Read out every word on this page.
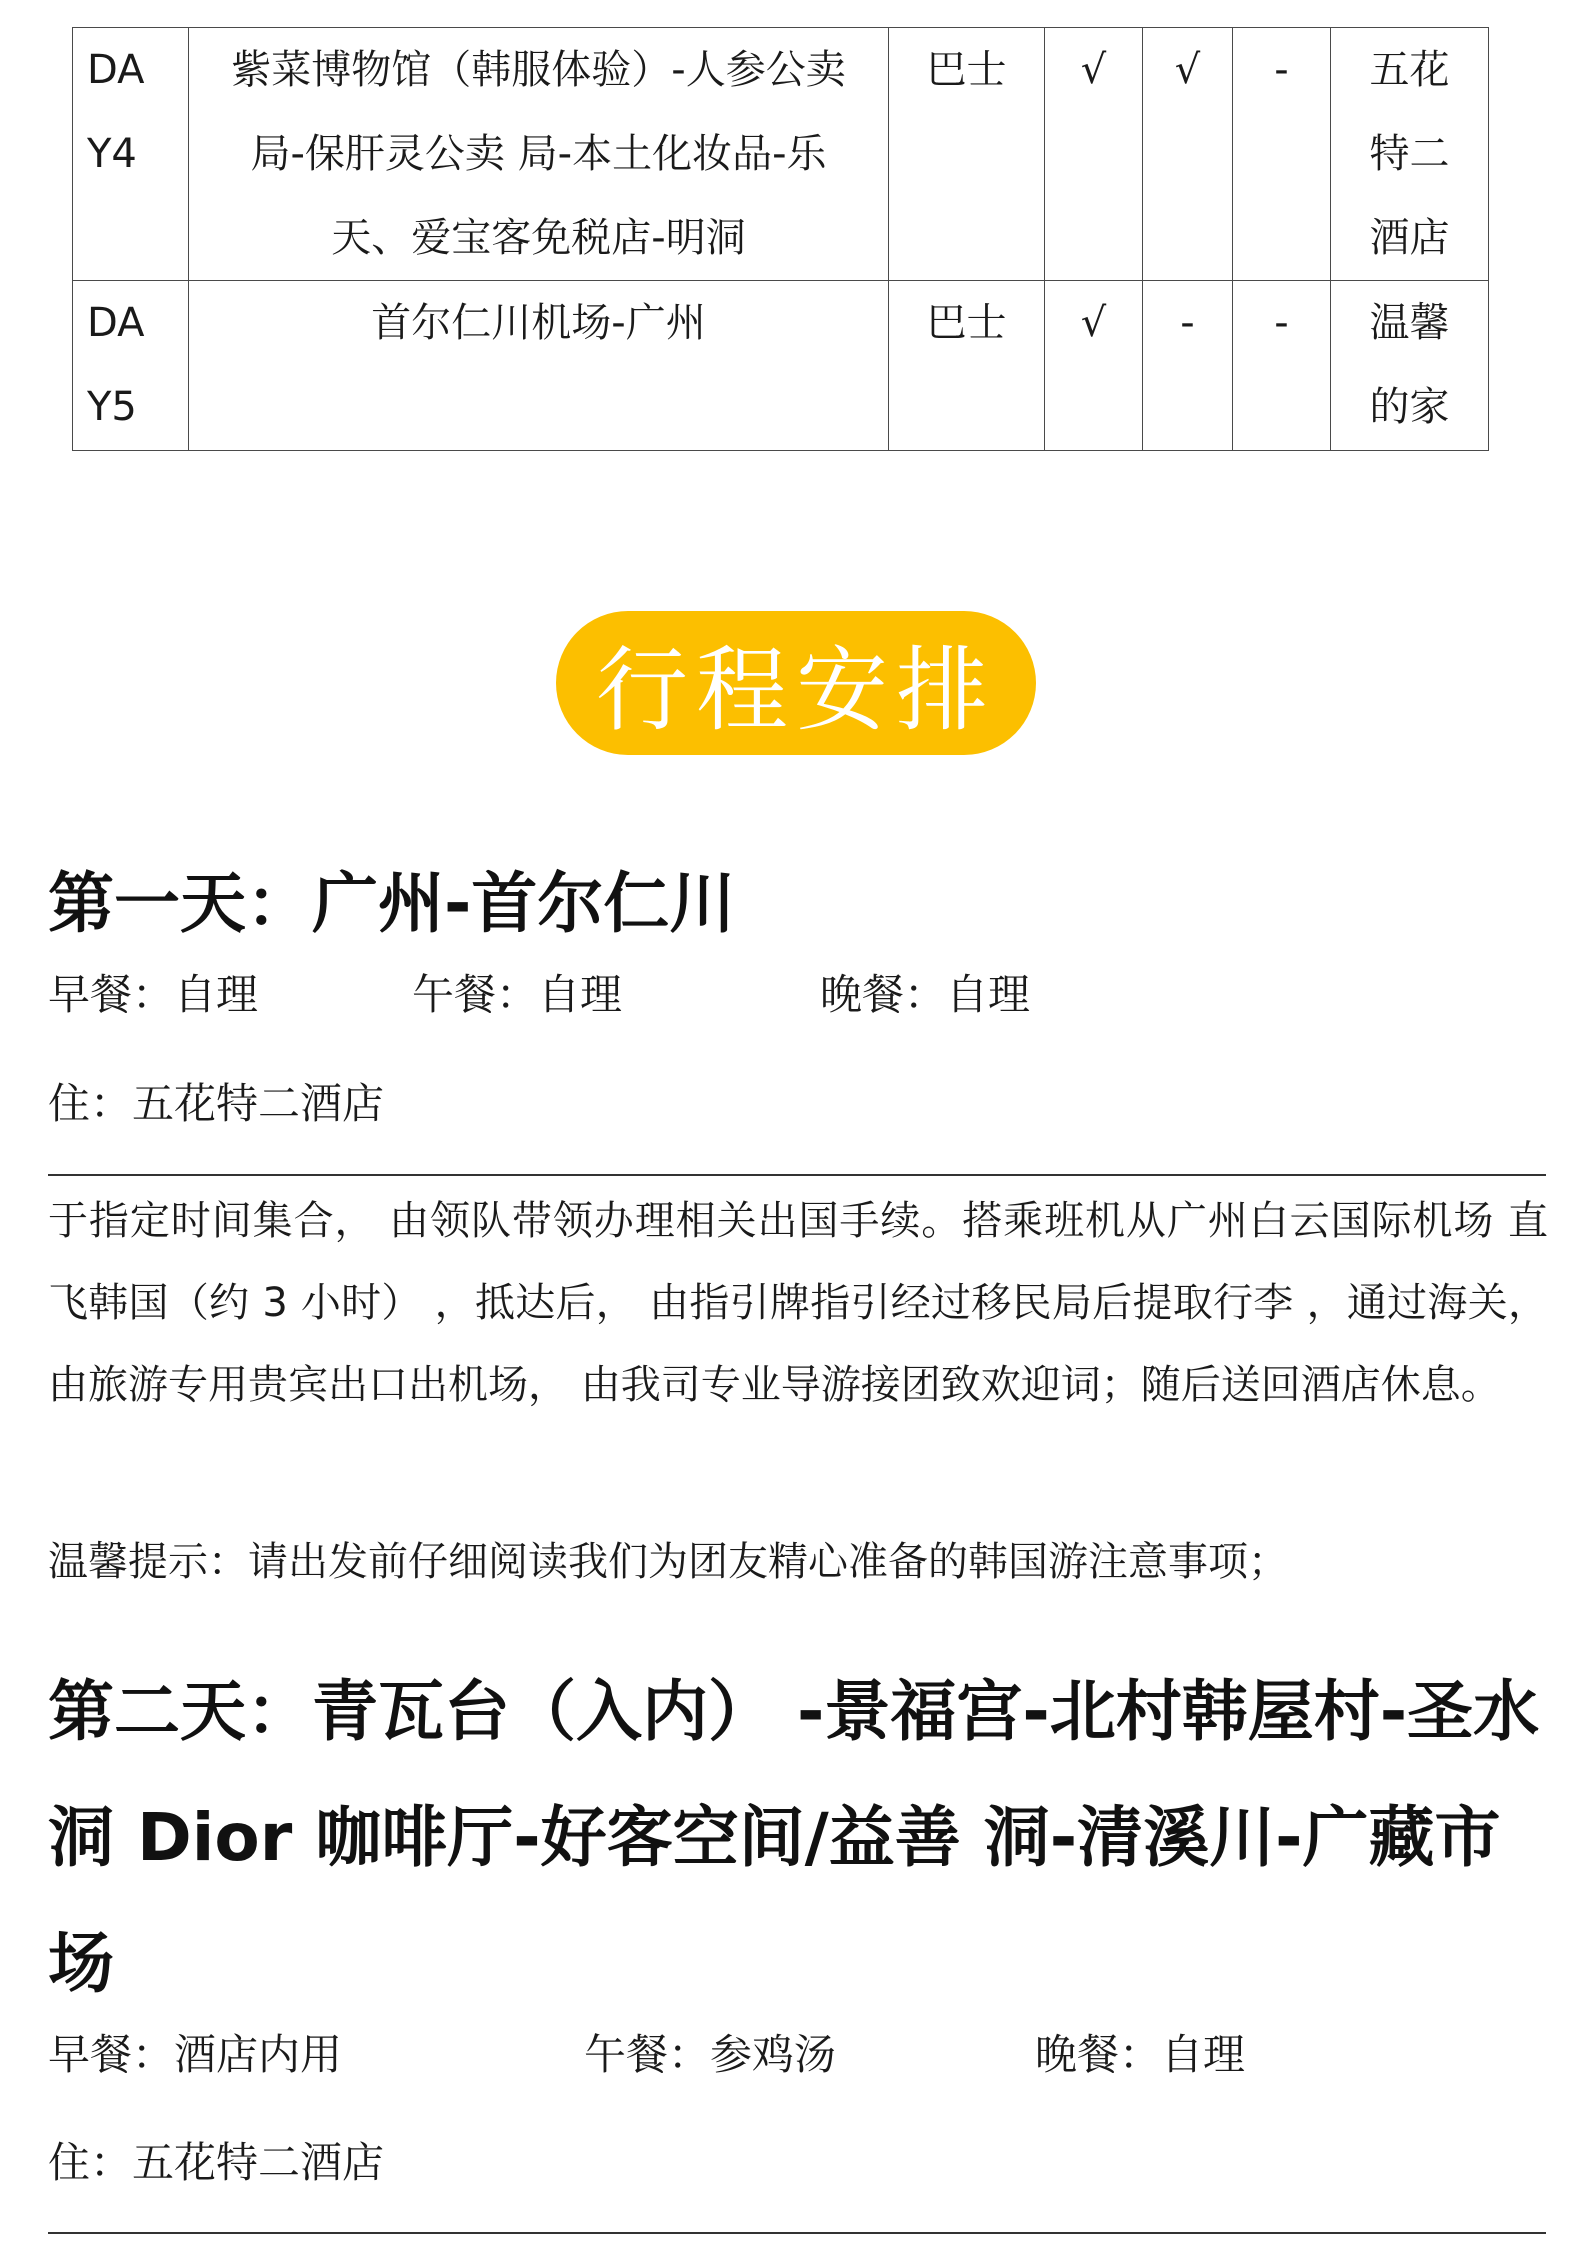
DA
Y4	紫菜博物馆（韩服体验）-人参公卖
局-保肝灵公卖 局-本土化妆品-乐
天、爱宝客免税店-明洞	巴士	√	√	-	五花
特二
酒店

DA
Y5	首尔仁川机场-广州	巴士	√	-	-	温馨
的家
行程安排
第一天：广州-首尔仁川
早餐：自理	午餐：自理	晚餐：自理
住：五花特二酒店

于指定时间集合， 由领队带领办理相关出国手续。搭乘班机从广州白云国际机场 直飞韩国（约 3 小时） ，抵达后， 由指引牌指引经过移民局后提取行李 ，通过海关， 由旅游专用贵宾出口出机场， 由我司专业导游接团致欢迎词；随后送回酒店休息。

温馨提示：请出发前仔细阅读我们为团友精心准备的韩国游注意事项；
第二天：青瓦台（入内） -景福宫-北村韩屋村-圣水
洞 Dior 咖啡厅-好客空间/益善 洞-清溪川-广藏市
场
早餐：酒店内用	午餐：参鸡汤	晚餐：自理
住：五花特二酒店
